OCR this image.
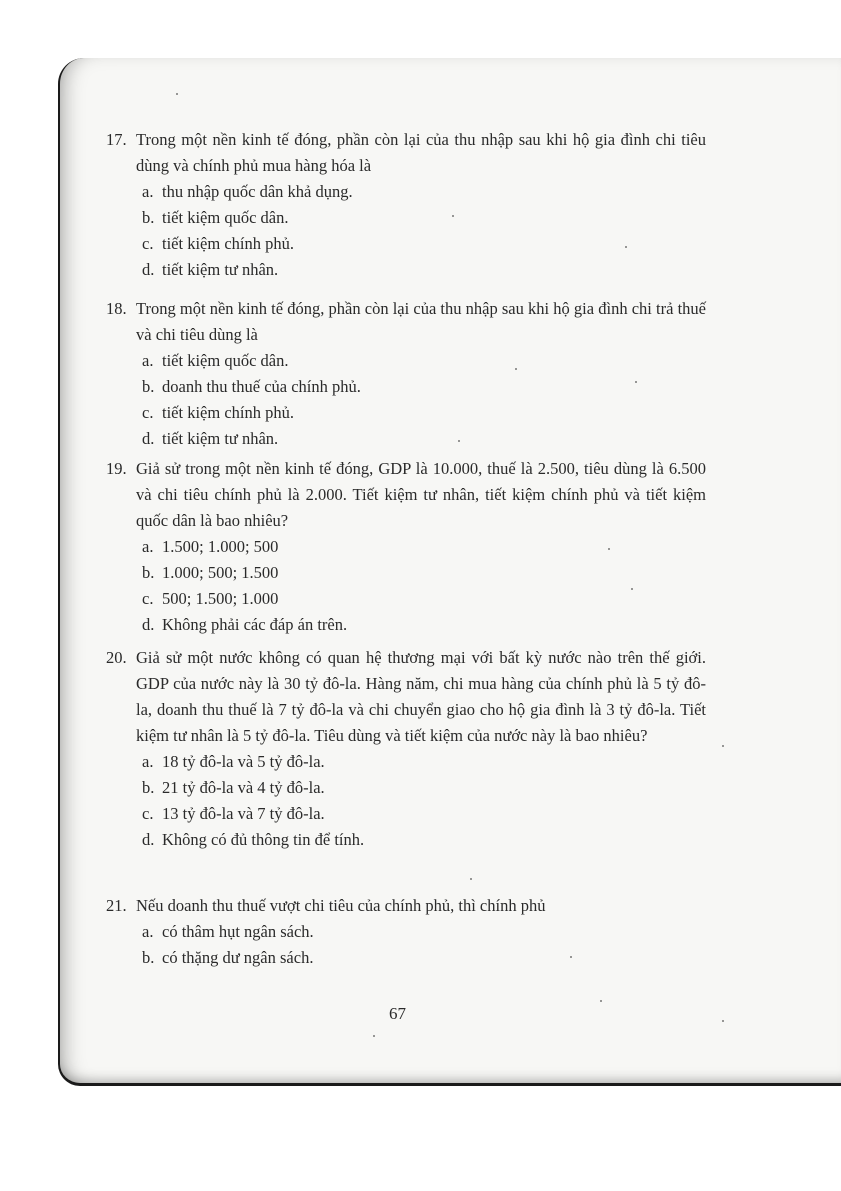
17. Trong một nền kinh tế đóng, phần còn lại của thu nhập sau khi hộ gia đình chi tiêu dùng và chính phủ mua hàng hóa là
a. thu nhập quốc dân khả dụng.
b. tiết kiệm quốc dân.
c. tiết kiệm chính phủ.
d. tiết kiệm tư nhân.
18. Trong một nền kinh tế đóng, phần còn lại của thu nhập sau khi hộ gia đình chi trả thuế và chi tiêu dùng là
a. tiết kiệm quốc dân.
b. doanh thu thuế của chính phủ.
c. tiết kiệm chính phủ.
d. tiết kiệm tư nhân.
19. Giả sử trong một nền kinh tế đóng, GDP là 10.000, thuế là 2.500, tiêu dùng là 6.500 và chi tiêu chính phủ là 2.000. Tiết kiệm tư nhân, tiết kiệm chính phủ và tiết kiệm quốc dân là bao nhiêu?
a. 1.500; 1.000; 500
b. 1.000; 500; 1.500
c. 500; 1.500; 1.000
d. Không phải các đáp án trên.
20. Giả sử một nước không có quan hệ thương mại với bất kỳ nước nào trên thế giới. GDP của nước này là 30 tỷ đô-la. Hàng năm, chi mua hàng của chính phủ là 5 tỷ đô-la, doanh thu thuế là 7 tỷ đô-la và chi chuyển giao cho hộ gia đình là 3 tỷ đô-la. Tiết kiệm tư nhân là 5 tỷ đô-la. Tiêu dùng và tiết kiệm của nước này là bao nhiêu?
a. 18 tỷ đô-la và 5 tỷ đô-la.
b. 21 tỷ đô-la và 4 tỷ đô-la.
c. 13 tỷ đô-la và 7 tỷ đô-la.
d. Không có đủ thông tin để tính.
21. Nếu doanh thu thuế vượt chi tiêu của chính phủ, thì chính phủ
a. có thâm hụt ngân sách.
b. có thặng dư ngân sách.
67
